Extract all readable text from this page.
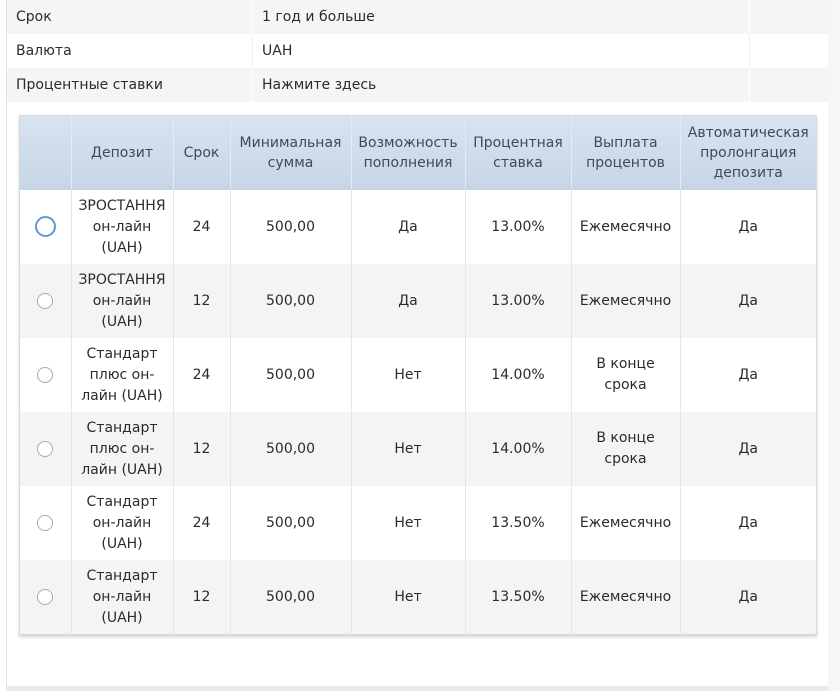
Срок	1 год и больше
Валюта	UAH
Процентные ставки	Нажмите здесь
	Депозит	Срок	Минимальная сумма	Возможность пополнения	Процентная ставка	Выплата процентов	Автоматическая пролонгация депозита
	ЗРОСТАННЯ он-лайн (UAH)	24	500,00	Да	13.00%	Ежемесячно	Да
	ЗРОСТАННЯ он-лайн (UAH)	12	500,00	Да	13.00%	Ежемесячно	Да
	Стандарт плюс он-лайн (UAH)	24	500,00	Нет	14.00%	В конце срока	Да
	Стандарт плюс он-лайн (UAH)	12	500,00	Нет	14.00%	В конце срока	Да
	Стандарт он-лайн (UAH)	24	500,00	Нет	13.50%	Ежемесячно	Да
	Стандарт он-лайн (UAH)	12	500,00	Нет	13.50%	Ежемесячно	Да
